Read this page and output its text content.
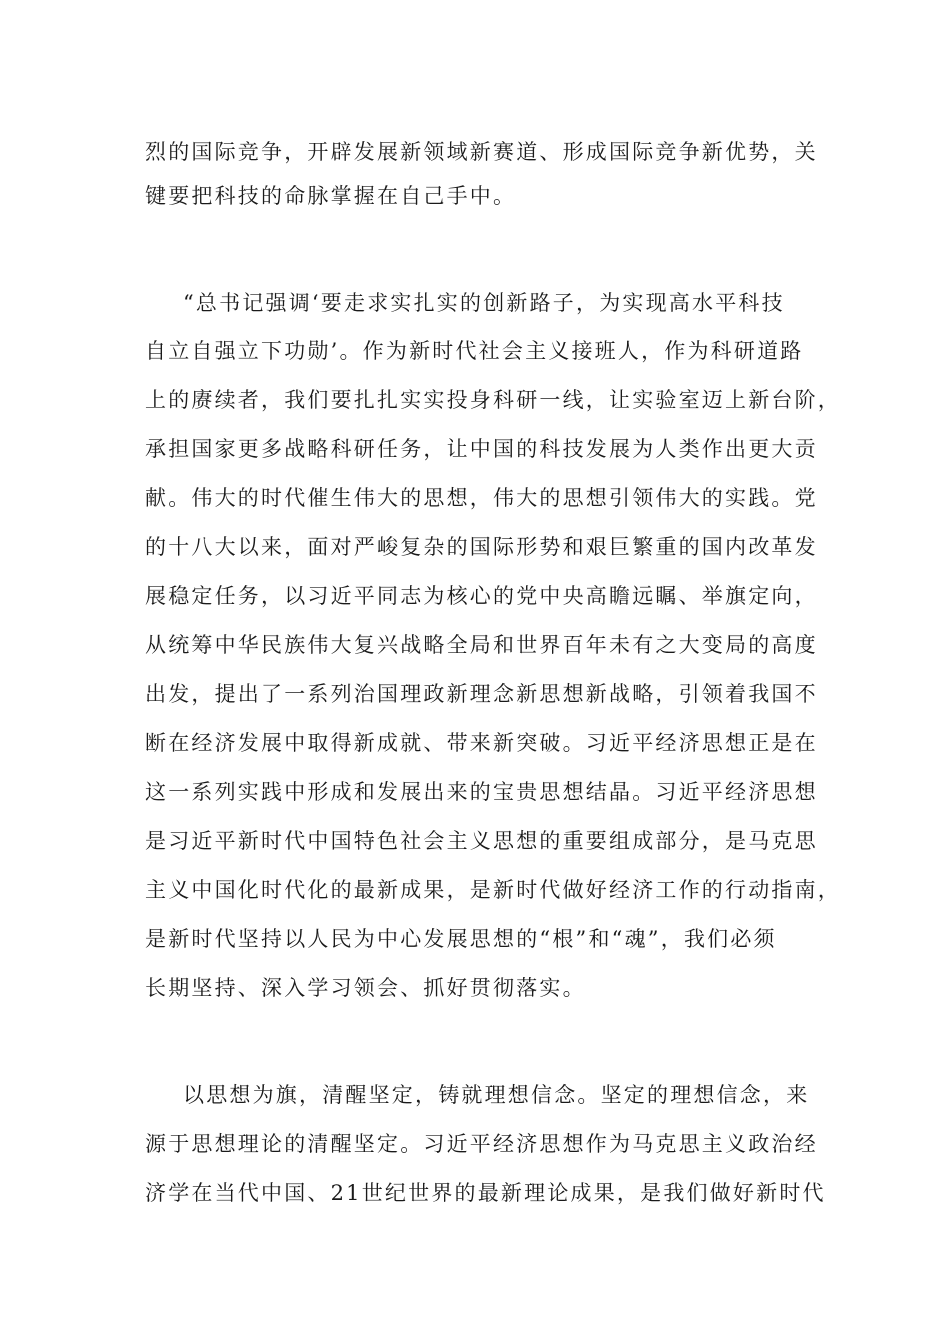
烈的国际竞争，开辟发展新领域新赛道、形成国际竞争新优势，关

键要把科技的命脉掌握在自己手中。

“总书记强调‘要走求实扎实的创新路子，为实现高水平科技

自立自强立下功勋’。作为新时代社会主义接班人，作为科研道路

上的赓续者，我们要扎扎实实投身科研一线，让实验室迈上新台阶，

承担国家更多战略科研任务，让中国的科技发展为人类作出更大贡

献。伟大的时代催生伟大的思想，伟大的思想引领伟大的实践。党

的十八大以来，面对严峻复杂的国际形势和艰巨繁重的国内改革发

展稳定任务，以习近平同志为核心的党中央高瞻远瞩、举旗定向，

从统筹中华民族伟大复兴战略全局和世界百年未有之大变局的高度

出发，提出了一系列治国理政新理念新思想新战略，引领着我国不

断在经济发展中取得新成就、带来新突破。习近平经济思想正是在

这一系列实践中形成和发展出来的宝贵思想结晶。习近平经济思想

是习近平新时代中国特色社会主义思想的重要组成部分，是马克思

主义中国化时代化的最新成果，是新时代做好经济工作的行动指南，

是新时代坚持以人民为中心发展思想的“根”和“魂”，我们必须

长期坚持、深入学习领会、抓好贯彻落实。

以思想为旗，清醒坚定，铸就理想信念。坚定的理想信念，来

源于思想理论的清醒坚定。习近平经济思想作为马克思主义政治经

济学在当代中国、21世纪世界的最新理论成果，是我们做好新时代
